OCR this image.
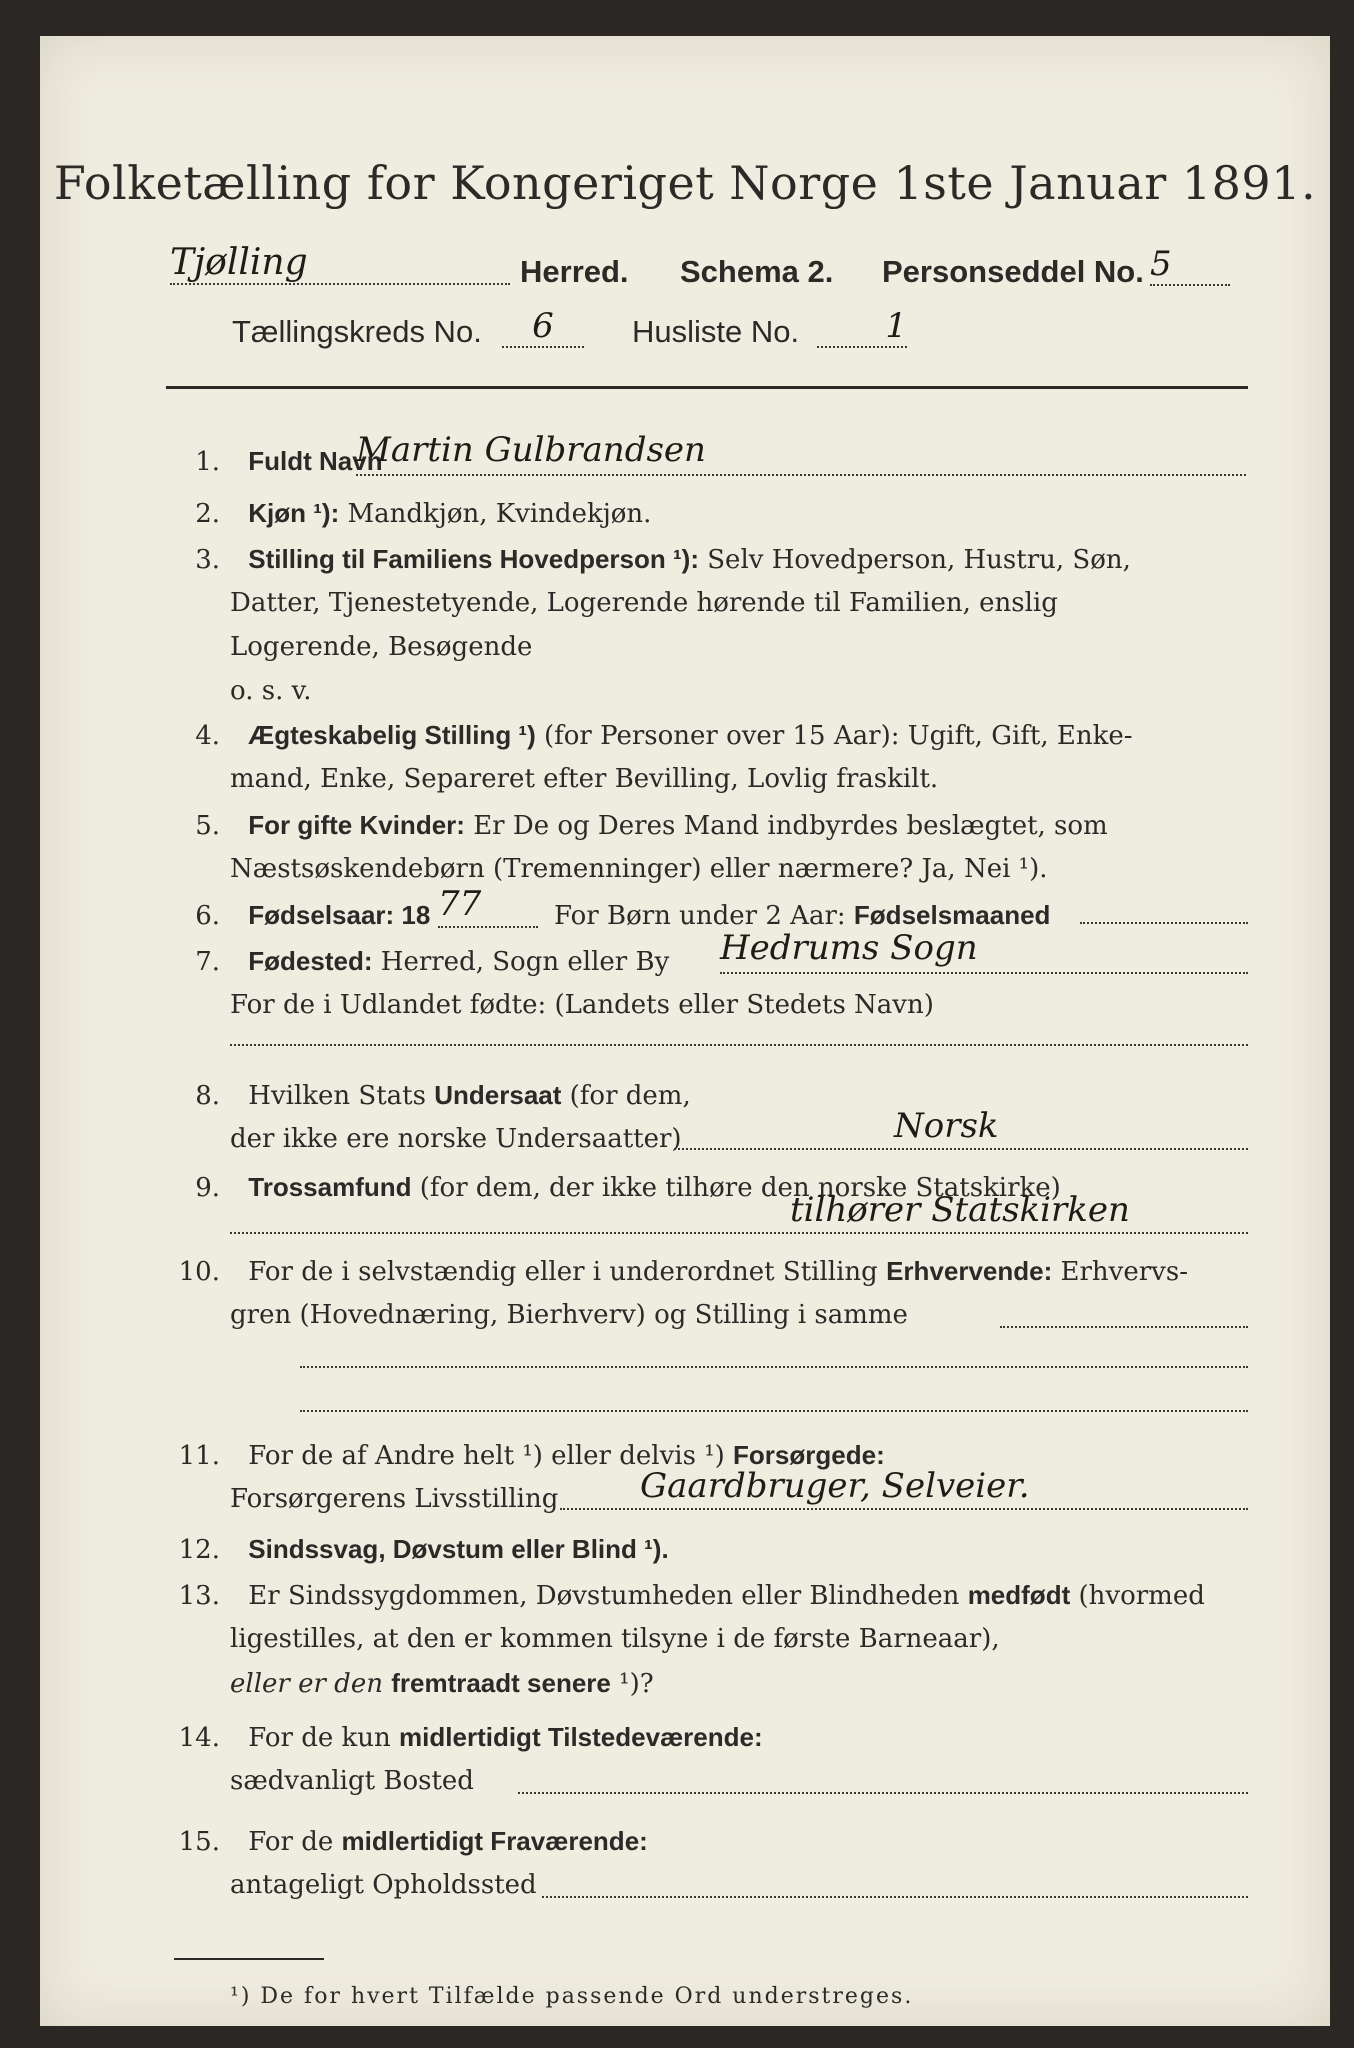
Folketælling for Kongeriget Norge 1ste Januar 1891.
Tjølling	Herred. Schema 2. Personseddel No. 5
Tællingskreds No.	6	Husliste No.	1
1. Fuldt Navn
Martin Gulbrandsen
2. Kjøn ¹): Mandkjøn, Kvindekjøn.
3. Stilling til Familiens Hovedperson ¹): Selv Hovedperson, Hustru, Søn,
Datter, Tjenestetyende, Logerende hørende til Familien, enslig
Logerende, Besøgende
o. s. v.
4. Ægteskabelig Stilling ¹) (for Personer over 15 Aar): Ugift, Gift, Enke-
mand, Enke, Separeret efter Bevilling, Lovlig fraskilt.
5. For gifte Kvinder: Er De og Deres Mand indbyrdes beslægtet, som
Næstsøskendebørn (Tremenninger) eller nærmere? Ja, Nei ¹).
6. Fødselsaar: 18 77	For Børn under 2 Aar: Fødselsmaaned
7. Fødested: Herred, Sogn eller By Hedrums Sogn
For de i Udlandet fødte: (Landets eller Stedets Navn)
8. Hvilken Stats Undersaat (for dem,
der ikke ere norske Undersaatter)	Norsk
9. Trossamfund (for dem, der ikke tilhøre den norske Statskirke)
tilhører Statskirken
10. For de i selvstændig eller i underordnet Stilling Erhvervende: Erhvervs-
gren (Hovednæring, Bierhverv) og Stilling i samme
11. For de af Andre helt ¹) eller delvis ¹) Forsørgede:
Forsørgerens Livsstilling	Gaardbruger, Selveier.
12. Sindssvag, Døvstum eller Blind ¹).
13. Er Sindssygdommen, Døvstumheden eller Blindheden medfødt (hvormed
ligestilles, at den er kommen tilsyne i de første Barneaar),
eller er den fremtraadt senere ¹)?
14. For de kun midlertidigt Tilstedeværende:
sædvanligt Bosted
15. For de midlertidigt Fraværende:
antageligt Opholdssted
¹) De for hvert Tilfælde passende Ord understreges.
